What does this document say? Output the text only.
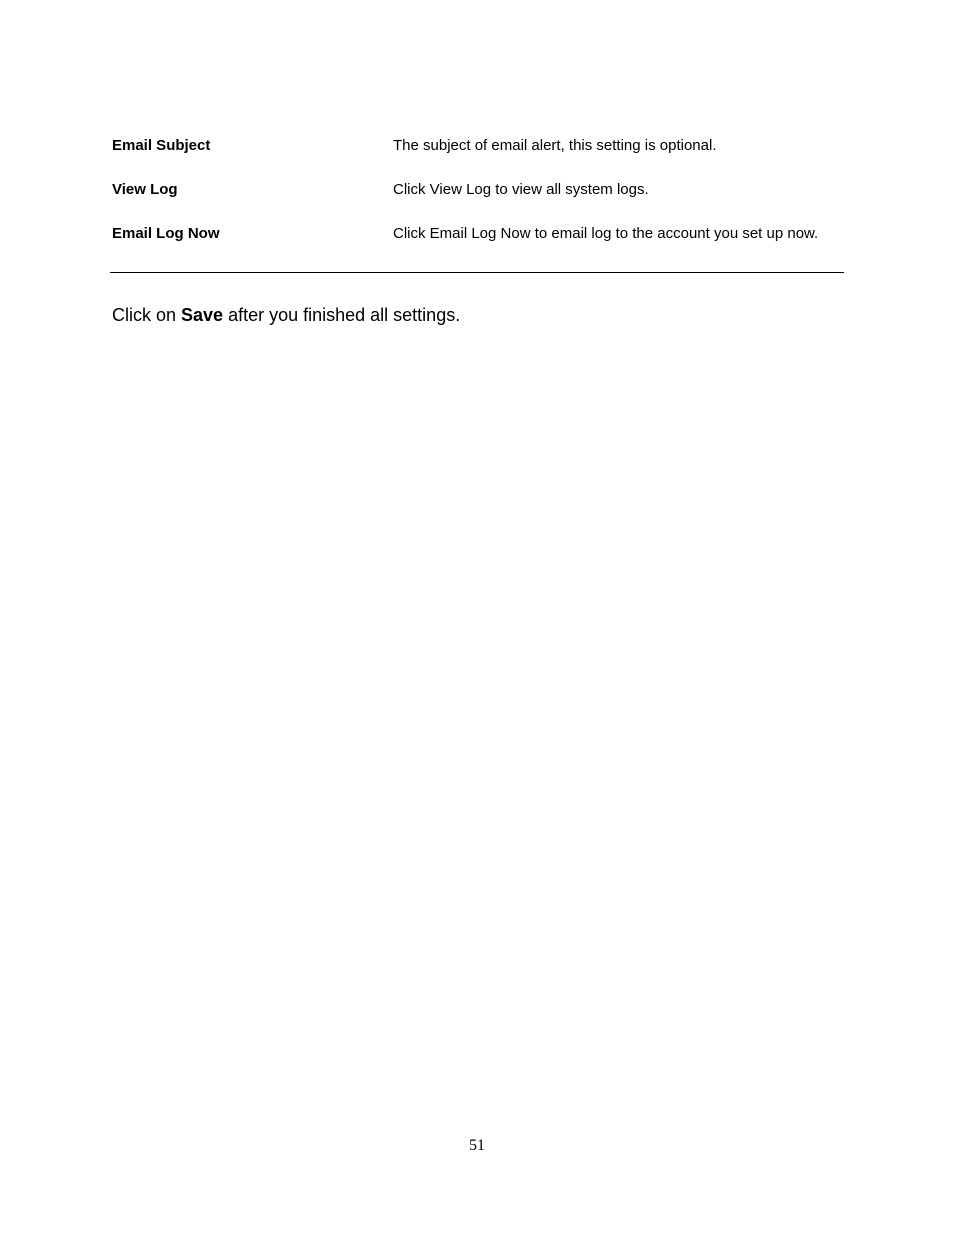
Email Subject	The subject of email alert, this setting is optional.
View Log	Click View Log to view all system logs.
Email Log Now	Click Email Log Now to email log to the account you set up now.

Click on Save after you finished all settings.

51
